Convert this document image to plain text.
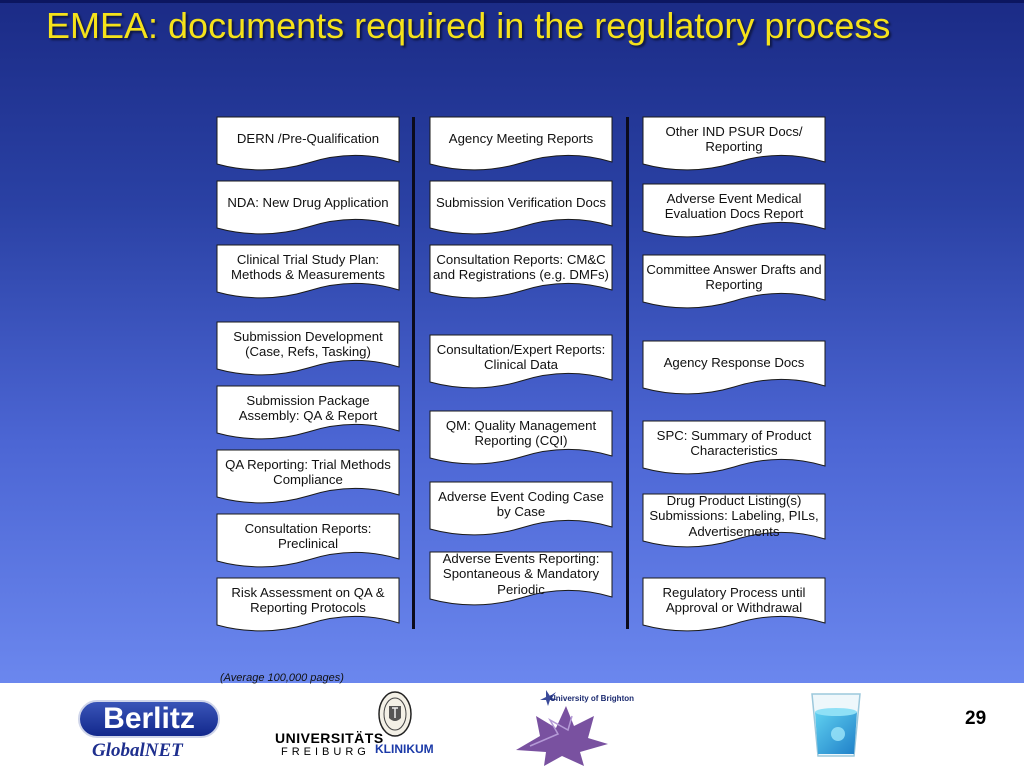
EMEA: documents required in the regulatory process
DERN /Pre-Qualification
NDA: New Drug Application
Clinical Trial Study Plan: Methods & Measurements
Submission Development (Case, Refs, Tasking)
Submission Package Assembly: QA & Report
QA Reporting: Trial Methods Compliance
Consultation Reports: Preclinical
Risk Assessment on QA & Reporting Protocols
Agency Meeting Reports
Submission Verification Docs
Consultation Reports: CM&C and Registrations (e.g. DMFs)
Consultation/Expert Reports: Clinical Data
QM: Quality Management Reporting (CQI)
Adverse Event Coding Case by Case
Adverse Events Reporting: Spontaneous & Mandatory Periodic
Other IND PSUR Docs/ Reporting
Adverse Event Medical Evaluation Docs Report
Committee Answer Drafts and Reporting
Agency Response Docs
SPC: Summary of Product Characteristics
Drug Product Listing(s) Submissions: Labeling, PILs, Advertisements
Regulatory Process until Approval or Withdrawal
(Average 100,000 pages)
29
Berlitz
GlobalNET
UNIVERSITÄTS
FREIBURG KLINIKUM
University of Brighton
